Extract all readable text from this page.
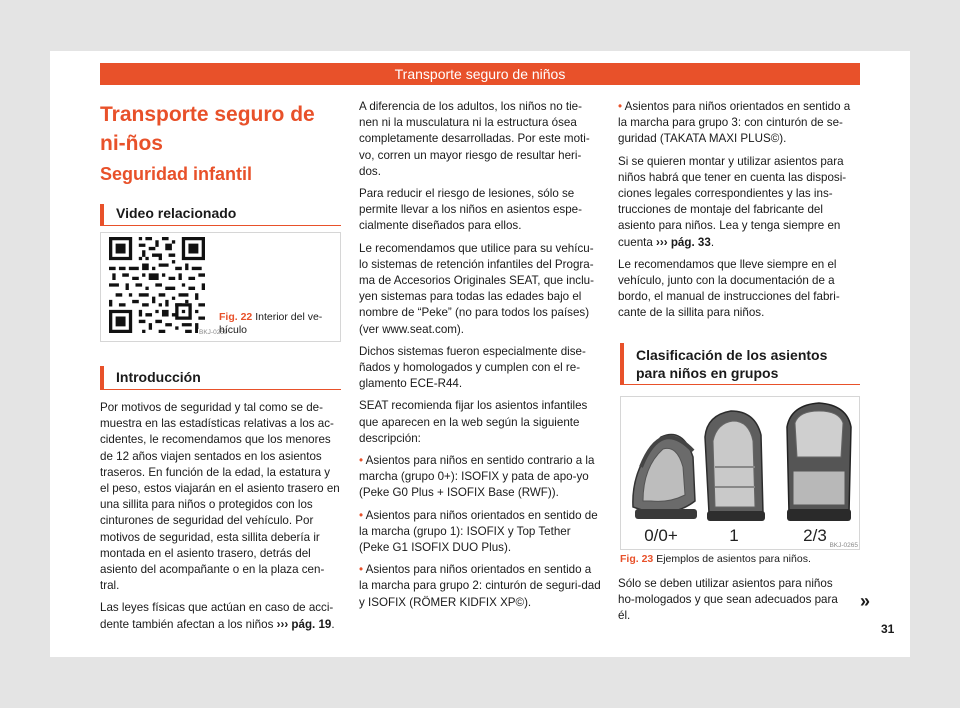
Transporte seguro de niños
Transporte seguro de ni-ños
Seguridad infantil
Video relacionado
BKJ-0259
Fig. 22 Interior del ve-hículo
Introducción

Por motivos de seguridad y tal como se de-muestra en las estadísticas relativas a los ac-cidentes, le recomendamos que los menores de 12 años viajen sentados en los asientos traseros. En función de la edad, la estatura y el peso, estos viajarán en el asiento trasero en una sillita para niños o protegidos con los cinturones de seguridad del vehículo. Por motivos de seguridad, esta sillita debería ir montada en el asiento trasero, detrás del asiento del acompañante o en la plaza cen-tral.

Las leyes físicas que actúan en caso de acci-dente también afectan a los niños ››› pág. 19.

A diferencia de los adultos, los niños no tie-nen ni la musculatura ni la estructura ósea completamente desarrolladas. Por este moti-vo, corren un mayor riesgo de resultar heri-dos.

Para reducir el riesgo de lesiones, sólo se permite llevar a los niños en asientos espe-cialmente diseñados para ellos.

Le recomendamos que utilice para su vehícu-lo sistemas de retención infantiles del Progra-ma de Accesorios Originales SEAT, que inclu-yen sistemas para todas las edades bajo el nombre de “Peke” (no para todos los países) (ver www.seat.com).

Dichos sistemas fueron especialmente dise-ñados y homologados y cumplen con el re-glamento ECE-R44.

SEAT recomienda fijar los asientos infantiles que aparecen en la web según la siguiente descripción:

• Asientos para niños en sentido contrario a la marcha (grupo 0+): ISOFIX y pata de apo-yo (Peke G0 Plus + ISOFIX Base (RWF)).

• Asientos para niños orientados en sentido de la marcha (grupo 1): ISOFIX y Top Tether (Peke G1 ISOFIX DUO Plus).

• Asientos para niños orientados en sentido a la marcha para grupo 2: cinturón de seguri-dad y ISOFIX (RÖMER KIDFIX XP©).

• Asientos para niños orientados en sentido a la marcha para grupo 3: con cinturón de se-guridad (TAKATA MAXI PLUS©).

Si se quieren montar y utilizar asientos para niños habrá que tener en cuenta las disposi-ciones legales correspondientes y las ins-trucciones de montaje del fabricante del asiento para niños. Lea y tenga siempre en cuenta ››› pág. 33.

Le recomendamos que lleve siempre en el vehículo, junto con la documentación de a bordo, el manual de instrucciones del fabri-cante de la sillita para niños.

Clasificación de los asientos para niños en grupos
0/0+	1	2/3
BKJ-0265
Fig. 23 Ejemplos de asientos para niños.

Sólo se deben utilizar asientos para niños ho-mologados y que sean adecuados para él.

»
31
